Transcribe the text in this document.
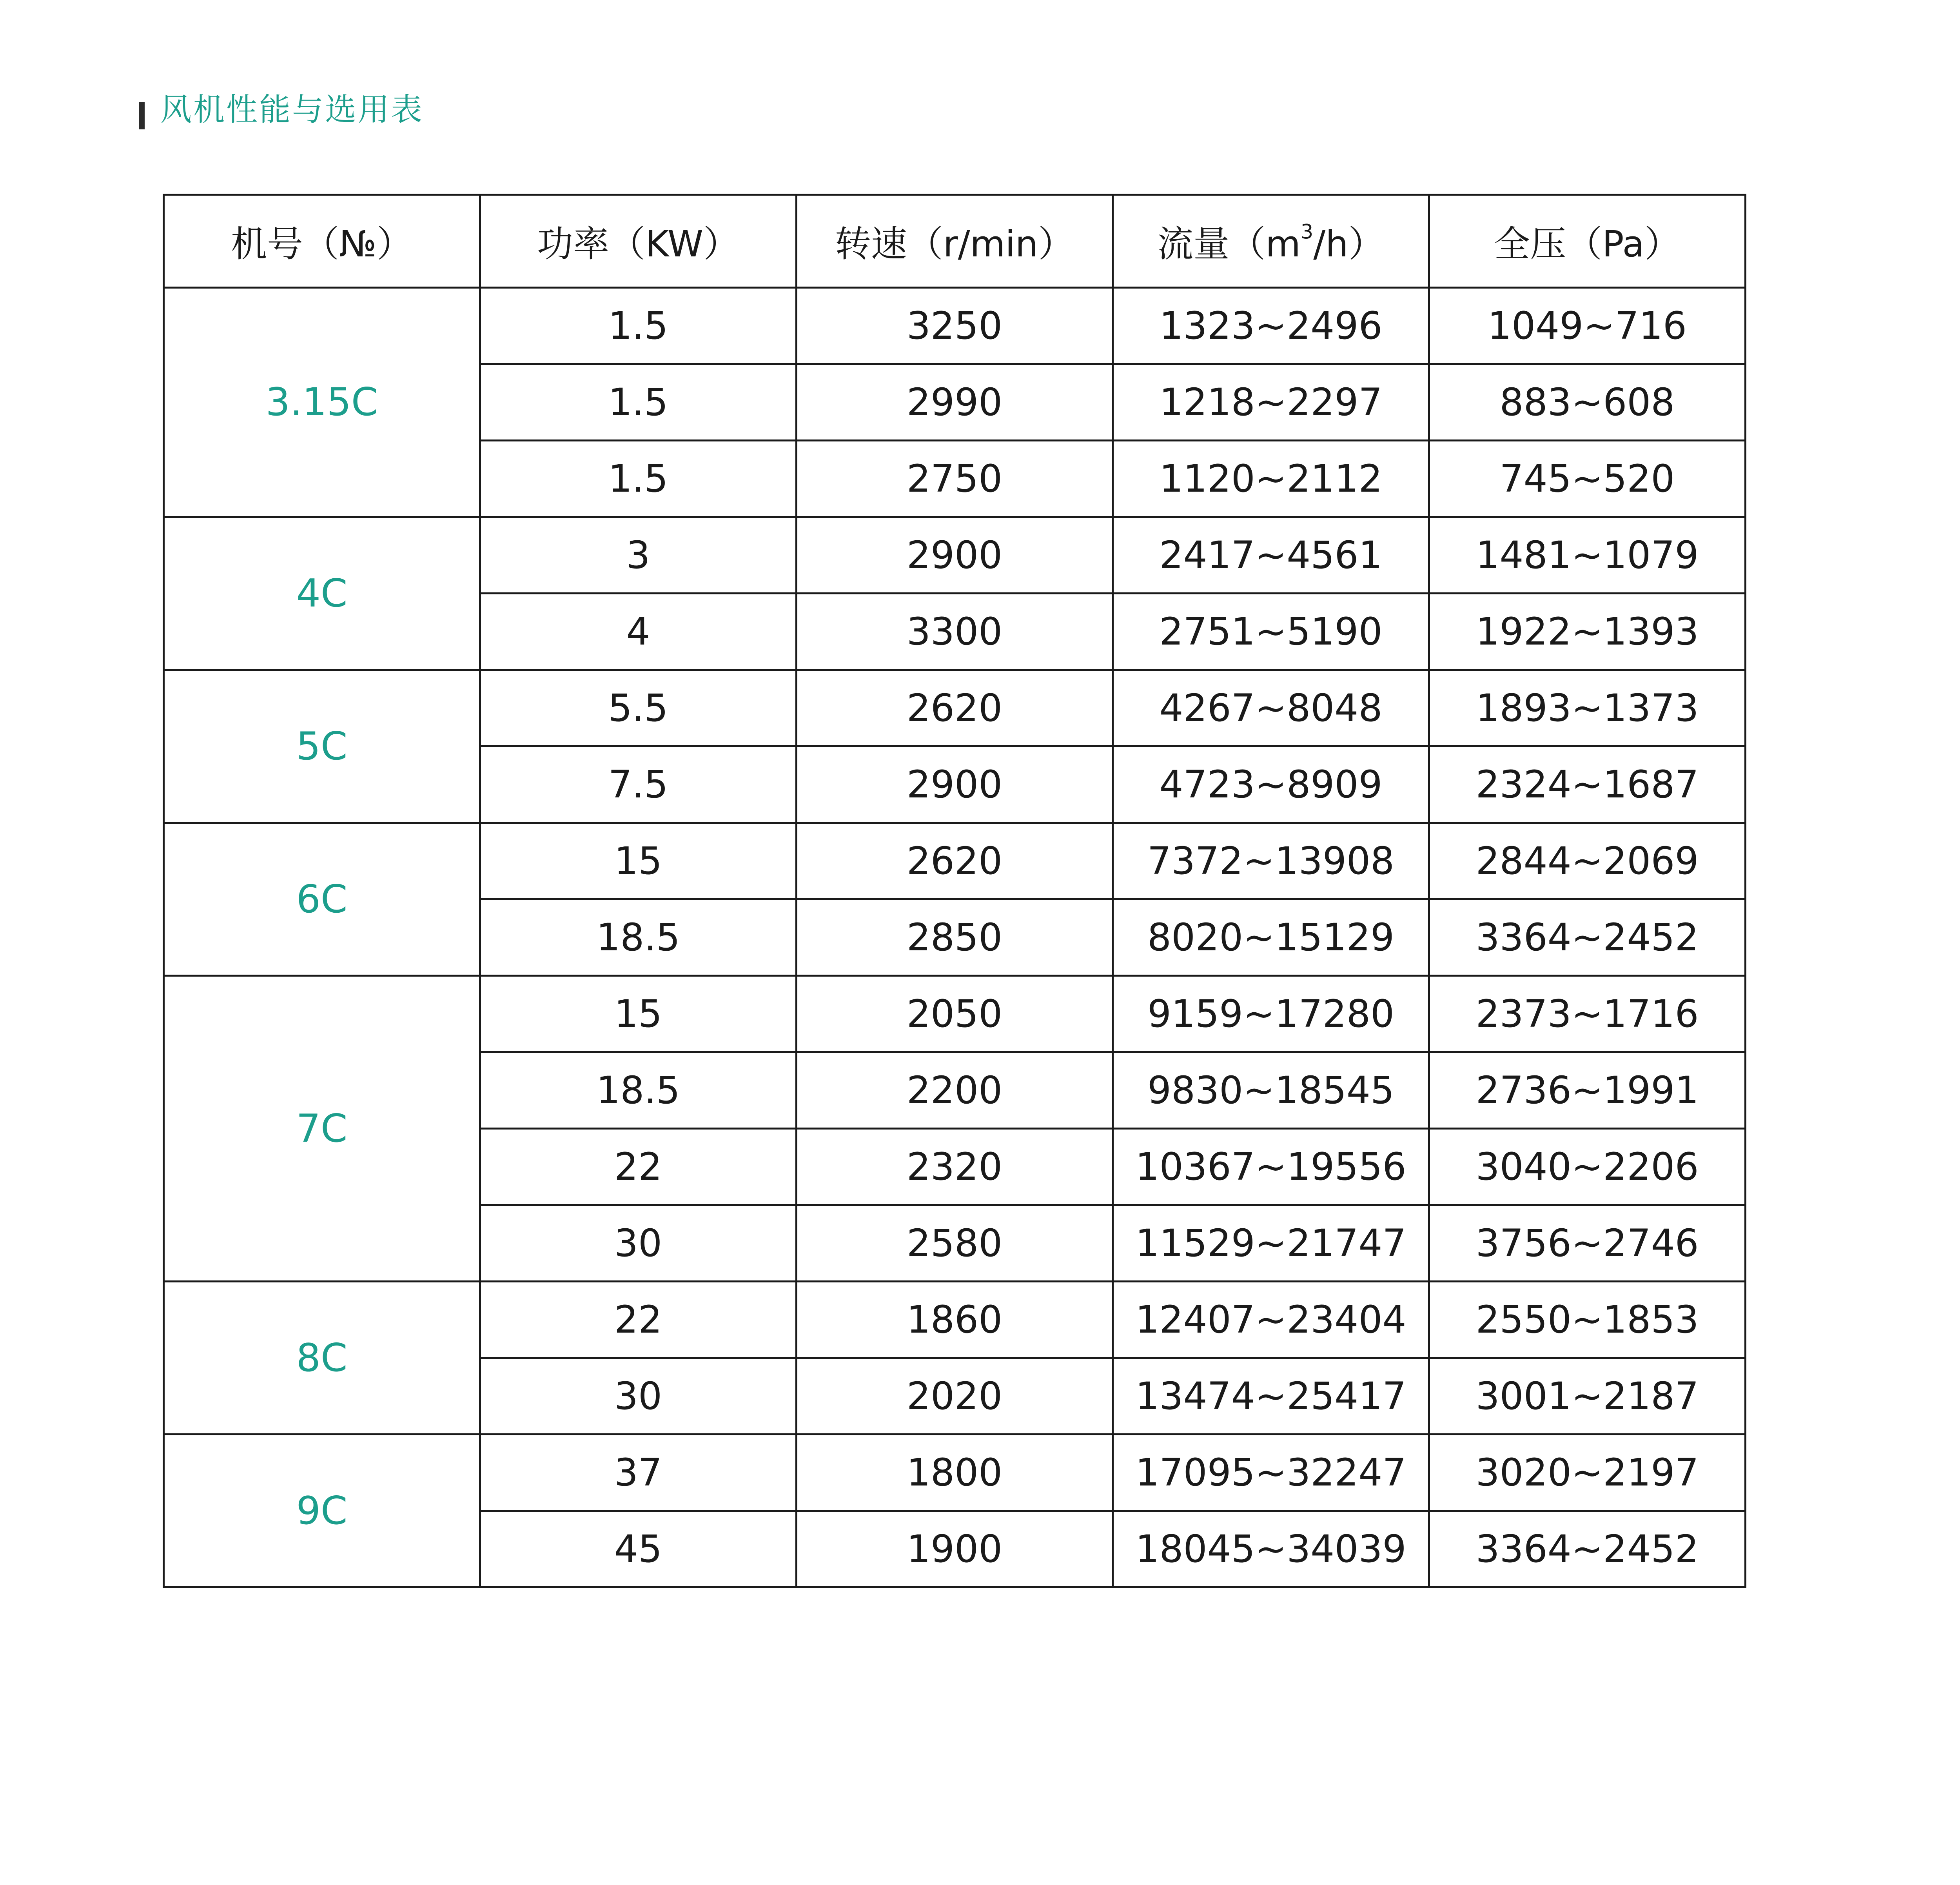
风机性能与选用表
机号（№）	功率（KW）	转速（r/min）	流量$(m^3/h)$	全压（Pa）
3.15C	1.5	3250	1323~2496	1049~716
	1.5	2990	1218~2297	883~608
	1.5	2750	1120~2112	745~520
4C	3	2900	2417~4561	1481~1079
	4	3300	2751~5190	1922~1393
5C	5.5	2620	4267~8048	1893~1373
	7.5	2900	4723~8909	2324~1687
6C	15	2620	7372~13908	2844~2069
	18.5	2850	8020~15129	3364~2452
7C	15	2050	9159~17280	2373~1716
	18.5	2200	9830~18545	2736~1991
	22	2320	10367~19556	3040~2206
	30	2580	11529~21747	3756~2746
8C	22	1860	12407~23404	2550~1853
	30	2020	13474~25417	3001~2187
9C	37	1800	17095~32247	3020~2197
	45	1900	18045~34039	3364~2452
